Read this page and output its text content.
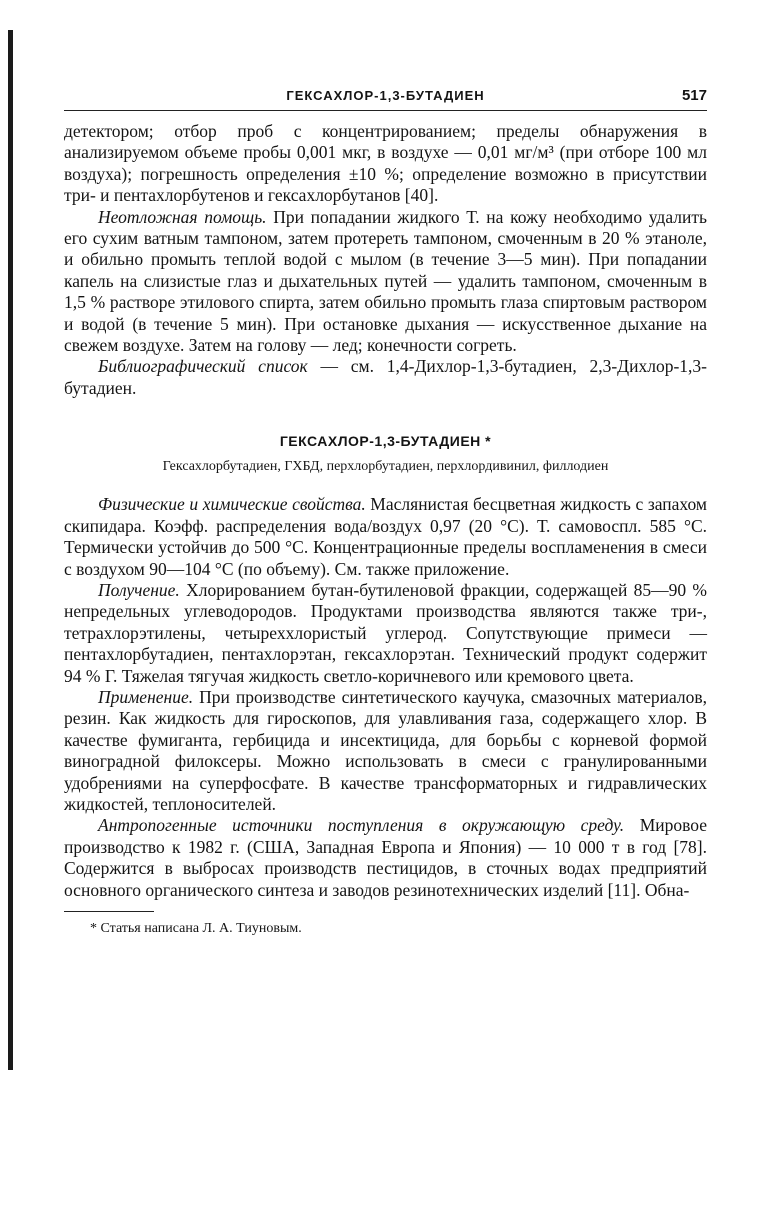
ГЕКСАХЛОР-1,3-БУТАДИЕН	517

детектором; отбор проб с концентрированием; пределы обнаружения в анализируемом объеме пробы 0,001 мкг, в воздухе — 0,01 мг/м³ (при отборе 100 мл воздуха); погрешность определения ±10 %; определение возможно в присутствии три- и пентахлорбутенов и гексахлорбутанов [40].

Неотложная помощь. При попадании жидкого Т. на кожу необходимо удалить его сухим ватным тампоном, затем протереть тампоном, смоченным в 20 % этаноле, и обильно промыть теплой водой с мылом (в течение 3—5 мин). При попадании капель на слизистые глаз и дыхательных путей — удалить тампоном, смоченным в 1,5 % растворе этилового спирта, затем обильно промыть глаза спиртовым раствором и водой (в течение 5 мин). При остановке дыхания — искусственное дыхание на свежем воздухе. Затем на голову — лед; конечности согреть.

Библиографический список — см. 1,4-Дихлор-1,3-бутадиен, 2,3-Дихлор-1,3-бутадиен.

ГЕКСАХЛОР-1,3-БУТАДИЕН *
Гексахлорбутадиен, ГХБД, перхлорбутадиен, перхлордивинил, филлодиен

Физические и химические свойства. Маслянистая бесцветная жидкость с запахом скипидара. Коэфф. распределения вода/воздух 0,97 (20 °С). Т. самовоспл. 585 °С. Термически устойчив до 500 °С. Концентрационные пределы воспламенения в смеси с воздухом 90—104 °С (по объему). См. также приложение.

Получение. Хлорированием бутан-бутиленовой фракции, содержащей 85—90 % непредельных углеводородов. Продуктами производства являются также три-, тетрахлорэтилены, четыреххлористый углерод. Сопутствующие примеси — пентахлорбутадиен, пентахлорэтан, гексахлорэтан. Технический продукт содержит 94 % Г. Тяжелая тягучая жидкость светло-коричневого или кремового цвета.

Применение. При производстве синтетического каучука, смазочных материалов, резин. Как жидкость для гироскопов, для улавливания газа, содержащего хлор. В качестве фумиганта, гербицида и инсектицида, для борьбы с корневой формой виноградной филоксеры. Можно использовать в смеси с гранулированными удобрениями на суперфосфате. В качестве трансформаторных и гидравлических жидкостей, теплоносителей.

Антропогенные источники поступления в окружающую среду. Мировое производство к 1982 г. (США, Западная Европа и Япония) — 10 000 т в год [78]. Содержится в выбросах производств пестицидов, в сточных водах предприятий основного органического синтеза и заводов резинотехнических изделий [11]. Обна-

* Статья написана Л. А. Тиуновым.
